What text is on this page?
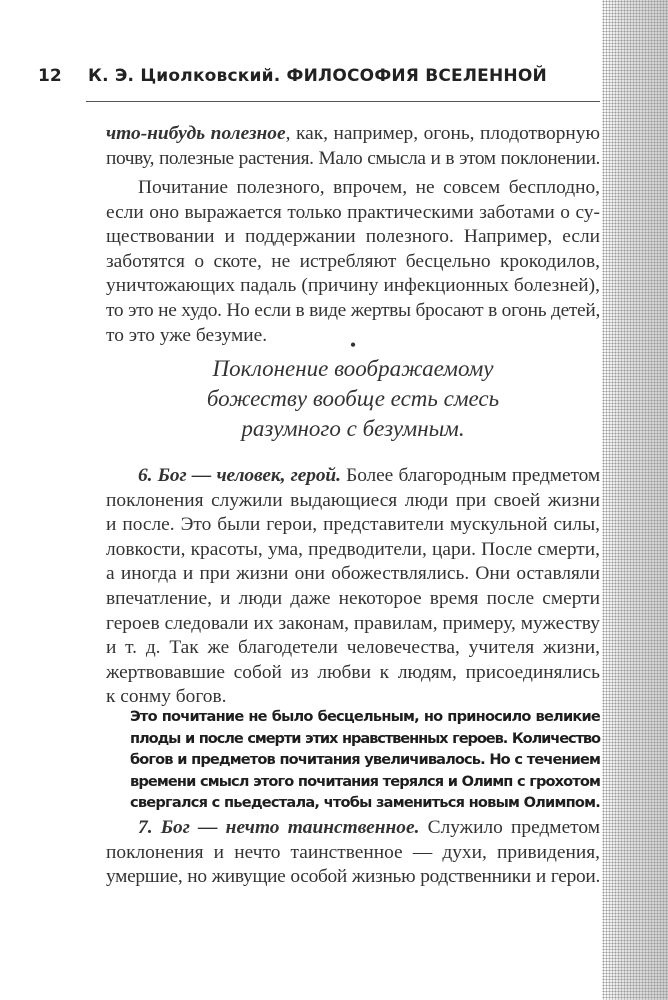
12 К. Э. Циолковский. ФИЛОСОФИЯ ВСЕЛЕННОЙ
что-нибудь полезное, как, например, огонь, плодотворную
почву, полезные растения. Мало смысла и в этом поклонении.
Почитание полезного, впрочем, не совсем бесплодно,
если оно выражается только практическими заботами о су-
ществовании и поддержании полезного. Например, если
заботятся о скоте, не истребляют бесцельно крокодилов,
уничтожающих падаль (причину инфекционных болезней),
то это не худо. Но если в виде жертвы бросают в огонь детей,
то это уже безумие.	•
Поклонение воображаемому
божеству вообще есть смесь
разумного с безумным.
6. Бог — человек, герой. Более благородным предметом
поклонения служили выдающиеся люди при своей жизни
и после. Это были герои, представители мускульной силы,
ловкости, красоты, ума, предводители, цари. После смерти,
а иногда и при жизни они обожествлялись. Они оставляли
впечатление, и люди даже некоторое время после смерти
героев следовали их законам, правилам, примеру, мужеству
и т. д. Так же благодетели человечества, учителя жизни,
жертвовавшие собой из любви к людям, присоединялись
к сонму богов.
Это почитание не было бесцельным, но приносило великие
плоды и после смерти этих нравственных героев. Количество
богов и предметов почитания увеличивалось. Но с течением
времени смысл этого почитания терялся и Олимп с грохотом
свергался с пьедестала, чтобы замениться новым Олимпом.
7. Бог — нечто таинственное. Служило предметом
поклонения и нечто таинственное — духи, привидения,
умершие, но живущие особой жизнью родственники и герои.
